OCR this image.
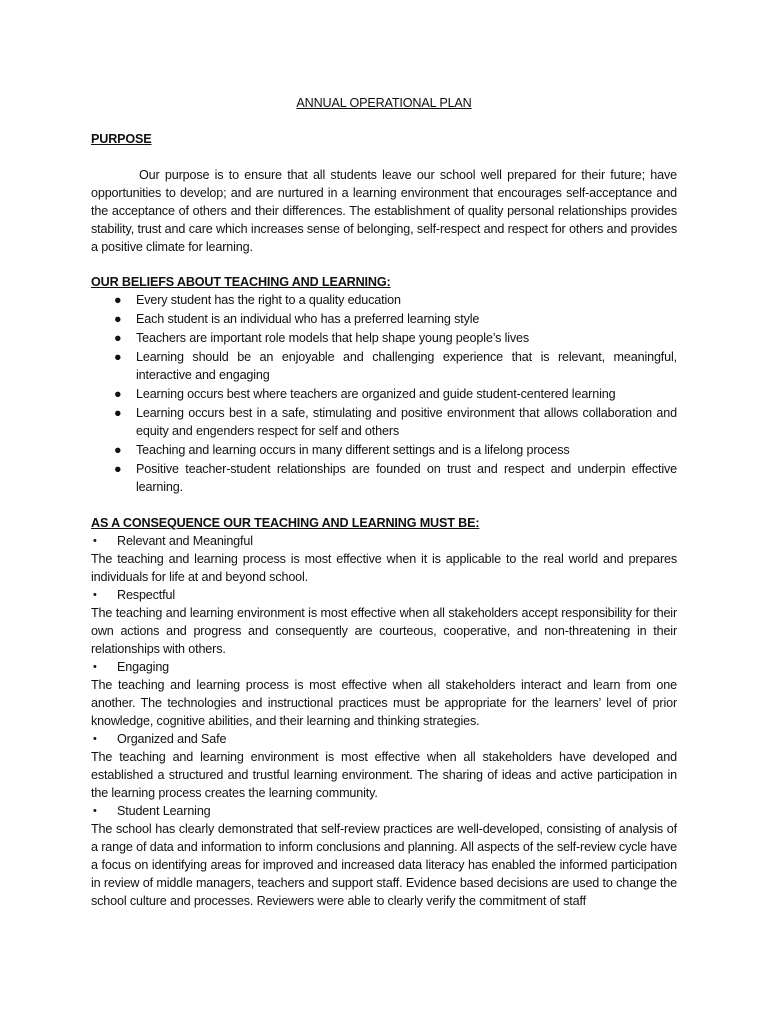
ANNUAL OPERATIONAL PLAN
PURPOSE

Our purpose is to ensure that all students leave our school well prepared for their future; have opportunities to develop; and are nurtured in a learning environment that encourages self-acceptance and the acceptance of others and their differences. The establishment of quality personal relationships provides stability, trust and care which increases sense of belonging, self-respect and respect for others and provides a positive climate for learning.

OUR BELIEFS ABOUT TEACHING AND LEARNING:
● Every student has the right to a quality education
● Each student is an individual who has a preferred learning style
● Teachers are important role models that help shape young people’s lives
● Learning should be an enjoyable and challenging experience that is relevant, meaningful, interactive and engaging
● Learning occurs best where teachers are organized and guide student-centered learning
● Learning occurs best in a safe, stimulating and positive environment that allows collaboration and equity and engenders respect for self and others
● Teaching and learning occurs in many different settings and is a lifelong process
● Positive teacher-student relationships are founded on trust and respect and underpin effective learning.
AS A CONSEQUENCE OUR TEACHING AND LEARNING MUST BE:

• Relevant and Meaningful

The teaching and learning process is most effective when it is applicable to the real world and prepares individuals for life at and beyond school.

• Respectful

The teaching and learning environment is most effective when all stakeholders accept responsibility for their own actions and progress and consequently are courteous, cooperative, and non-threatening in their relationships with others.

• Engaging

The teaching and learning process is most effective when all stakeholders interact and learn from one another. The technologies and instructional practices must be appropriate for the learners’ level of prior knowledge, cognitive abilities, and their learning and thinking strategies.

• Organized and Safe

The teaching and learning environment is most effective when all stakeholders have developed and established a structured and trustful learning environment. The sharing of ideas and active participation in the learning process creates the learning community.

• Student Learning

The school has clearly demonstrated that self-review practices are well-developed, consisting of analysis of a range of data and information to inform conclusions and planning. All aspects of the self-review cycle have a focus on identifying areas for improved and increased data literacy has enabled the informed participation in review of middle managers, teachers and support staff. Evidence based decisions are used to change the school culture and processes. Reviewers were able to clearly verify the commitment of staff
